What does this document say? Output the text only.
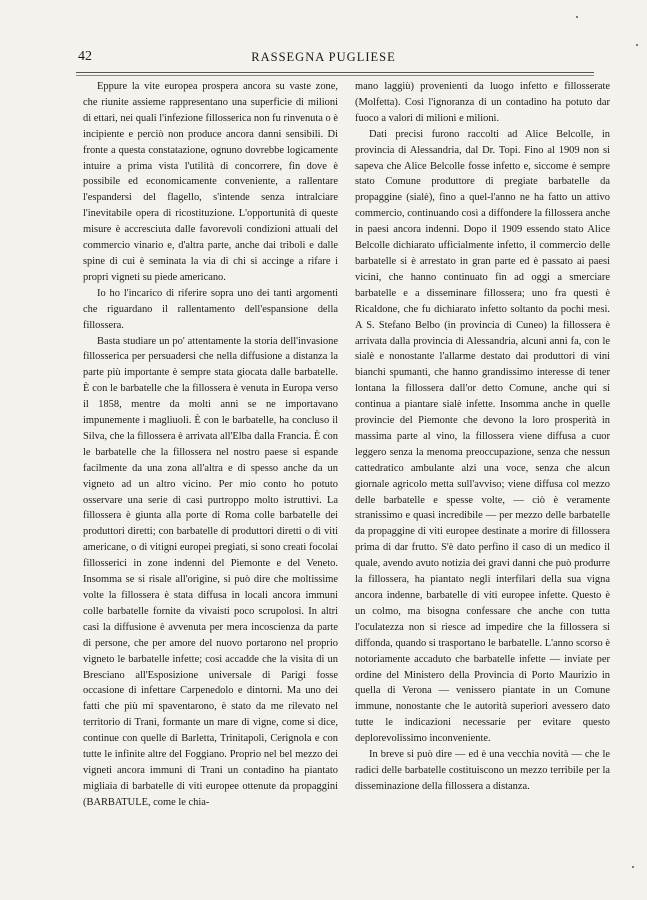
42	RASSEGNA PUGLIESE

Eppure la vite europea prospera ancora su vaste zone, che riunite assieme rappresentano una superficie di milioni di ettari, nei quali l'infezione fillosserica non fu rinvenuta o è incipiente e perciò non produce ancora danni sensibili. Di fronte a questa constatazione, ognuno dovrebbe logicamente intuire a prima vista l'utilità di concorrere, fin dove è possibile ed economicamente conveniente, a rallentare l'espandersi del flagello, s'intende senza intralciare l'inevitabile opera di ricostituzione. L'opportunità di queste misure è accresciuta dalle favorevoli condizioni attuali del commercio vinario e, d'altra parte, anche dai triboli e dalle spine di cui è seminata la via di chi si accinge a rifare i propri vigneti su piede americano.

Io ho l'incarico di riferire sopra uno dei tanti argomenti che riguardano il rallentamento dell'espansione della fillossera.

Basta studiare un po' attentamente la storia dell'invasione fillosserica per persuadersi che nella diffusione a distanza la parte più importante è sempre stata giocata dalle barbatelle. È con le barbatelle che la fillossera è venuta in Europa verso il 1858, mentre da molti anni se ne importavano impunemente i magliuoli. È con le barbatelle, ha concluso il Silva, che la fillossera è arrivata all'Elba dalla Francia. È con le barbatelle che la fillossera nel nostro paese si espande facilmente da una zona all'altra e di spesso anche da un vigneto ad un altro vicino. Per mio conto ho potuto osservare una serie di casi purtroppo molto istruttivi. La fillossera è giunta alla porte di Roma colle barbatelle dei produttori diretti; con barbatelle di produttori diretti o di viti americane, o di vitigni europei pregiati, si sono creati focolai fillosserici in zone indenni del Piemonte e del Veneto. Insomma se si risale all'origine, si può dire che moltissime volte la fillossera è stata diffusa in locali ancora immuni colle barbatelle fornite da vivaisti poco scrupolosi. In altri casi la diffusione è avvenuta per mera incoscienza da parte di persone, che per amore del nuovo portarono nel proprio vigneto le barbatelle infette; così accadde che la visita di un Bresciano all'Esposizione universale di Parigi fosse occasione di infettare Carpenedolo e dintorni. Ma uno dei fatti che più mi spaventarono, è stato da me rilevato nel territorio di Trani, formante un mare di vigne, come si dice, continue con quelle di Barletta, Trinitapoli, Cerignola e con tutte le infinite altre del Foggiano. Proprio nel bel mezzo dei vigneti ancora immuni di Trani un contadino ha piantato migliaia di barbatelle di viti europee ottenute da propaggini (BARBATULE, come le chia-

mano laggiù) provenienti da luogo infetto e fillosserate (Molfetta). Così l'ignoranza di un contadino ha potuto dar fuoco a valori di milioni e milioni.

Dati precisi furono raccolti ad Alice Belcolle, in provincia di Alessandria, dal Dr. Topi. Fino al 1909 non si sapeva che Alice Belcolle fosse infetto e, siccome è sempre stato Comune produttore di pregiate barbatelle da propaggine (sialè), fino a quel-l'anno ne ha fatto un attivo commercio, continuando così a diffondere la fillossera anche in paesi ancora indenni. Dopo il 1909 essendo stato Alice Belcolle dichiarato ufficialmente infetto, il commercio delle barbatelle si è arrestato in gran parte ed è passato ai paesi vicini, che hanno continuato fin ad oggi a smerciare barbatelle e a disseminare fillossera; uno fra questi è Ricaldone, che fu dichiarato infetto soltanto da pochi mesi. A S. Stefano Belbo (in provincia di Cuneo) la fillossera è arrivata dalla provincia di Alessandria, alcuni anni fa, con le sialè e nonostante l'allarme destato dai produttori di vini bianchi spumanti, che hanno grandissimo interesse di tener lontana la fillossera dall'or detto Comune, anche qui si continua a piantare sialè infette. Insomma anche in quelle provincie del Piemonte che devono la loro prosperità in massima parte al vino, la fillossera viene diffusa a cuor leggero senza la menoma preoccupazione, senza che nessun cattedratico ambulante alzi una voce, senza che alcun giornale agricolo metta sull'avviso; viene diffusa col mezzo delle barbatelle e spesse volte, — ciò è veramente stranissimo e quasi incredibile — per mezzo delle barbatelle da propaggine di viti europee destinate a morire di fillossera prima di dar frutto. S'è dato perfino il caso di un medico il quale, avendo avuto notizia dei gravi danni che può produrre la fillossera, ha piantato negli interfilari della sua vigna ancora indenne, barbatelle di viti europee infette. Questo è un colmo, ma bisogna confessare che anche con tutta l'oculatezza non si riesce ad impedire che la fillossera si diffonda, quando si trasportano le barbatelle. L'anno scorso è notoriamente accaduto che barbatelle infette — inviate per ordine del Ministero della Provincia di Porto Maurizio in quella di Verona — venissero piantate in un Comune immune, nonostante che le autorità superiori avessero dato tutte le indicazioni necessarie per evitare questo deplorevolissimo inconveniente.

In breve si può dire — ed è una vecchia novità — che le radici delle barbatelle costituiscono un mezzo terribile per la disseminazione della fillossera a distanza.
